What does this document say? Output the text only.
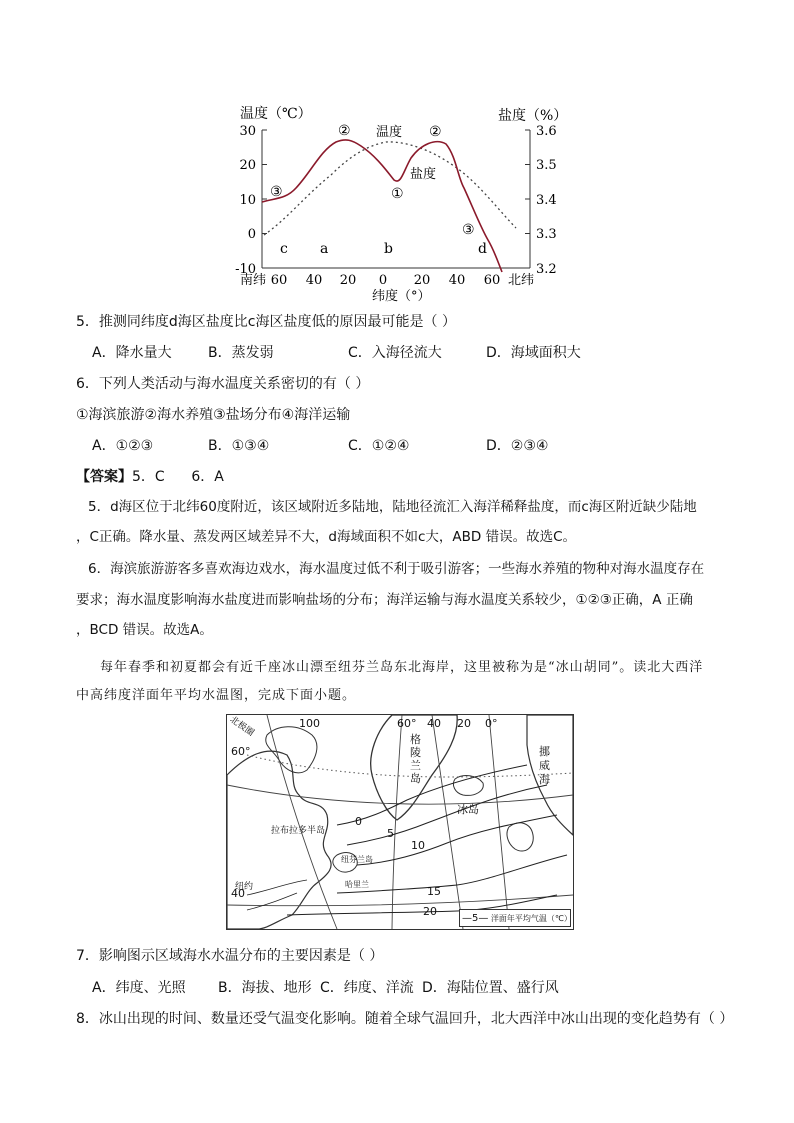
温度（℃）	盐度（%）
30
20
10
0
-10
3.6
3.5
3.4
3.3
3.2
60 40 20 0 20 40 60
南纬	北纬
纬度（°）
温度
盐度
①
②	②
③
③
c a	b	d
5．推测同纬度d海区盐度比c海区盐度低的原因最可能是（ ）
A．降水量大	B．蒸发弱	C．入海径流大	D．海域面积大
6．下列人类活动与海水温度关系密切的有（ ）
①海滨旅游②海水养殖③盐场分布④海洋运输
A．①②③	B．①③④	C．①②④	D．②③④
【答案】5．C      6．A
5．d海区位于北纬60度附近，该区域附近多陆地，陆地径流汇入海洋稀释盐度，而c海区附近缺少陆地
，C正确。降水量、蒸发两区域差异不大，d海域面积不如c大，ABD 错误。故选C。
6．海滨旅游游客多喜欢海边戏水，海水温度过低不利于吸引游客；一些海水养殖的物种对海水温度存在
要求；海水温度影响海水盐度进而影响盐场的分布；海洋运输与海水温度关系较少，①②③正确，A 正确
，BCD 错误。故选A。
每年春季和初夏都会有近千座冰山漂至纽芬兰岛东北海岸，这里被称为是“冰山胡同”。读北大西洋
中高纬度洋面年平均水温图，完成下面小题。
北极圈	100	60° 40 20 0°
60°
40
格陵兰岛
冰岛
挪威海
拉布拉多半岛
纽芬兰岛
哈里兰
纽约
0
5
10
15
20
—5— 洋面年平均气温（℃）
7．影响图示区域海水水温分布的主要因素是（ ）
A．纬度、光照 B．海拔、地形 C．纬度、洋流 D．海陆位置、盛行风
8．冰山出现的时间、数量还受气温变化影响。随着全球气温回升，北大西洋中冰山出现的变化趋势有（ ）
